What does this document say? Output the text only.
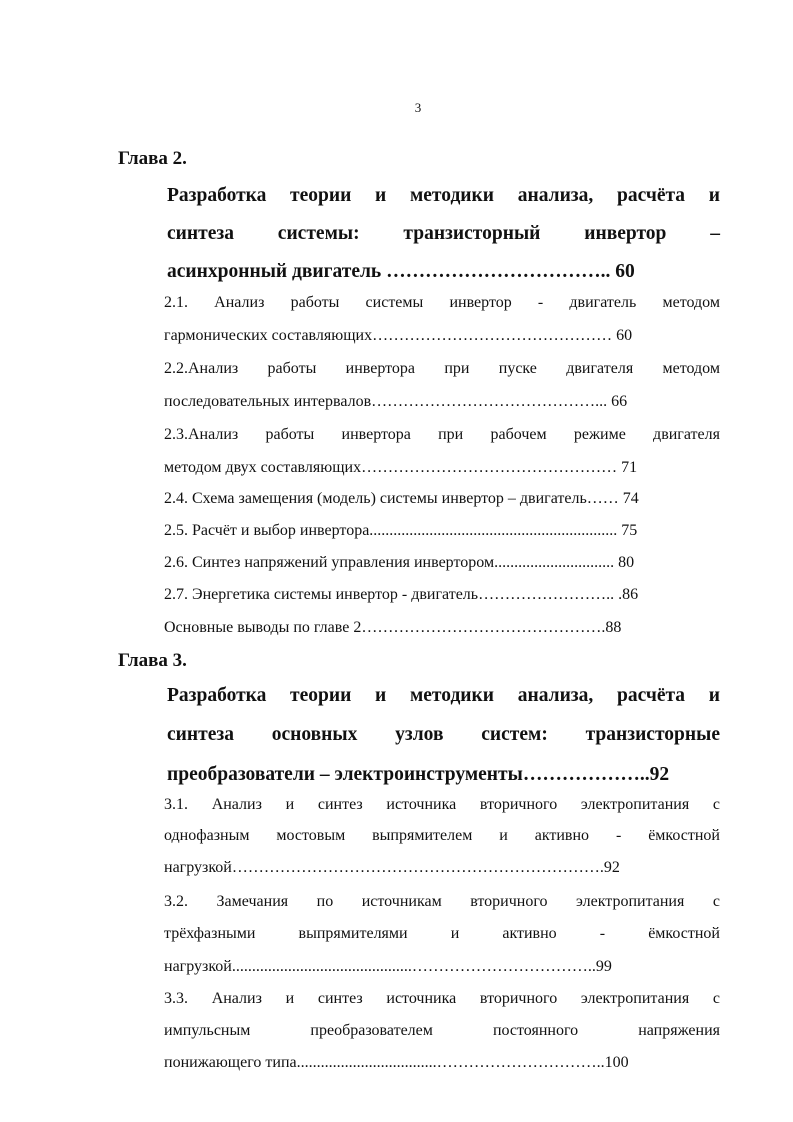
3
Глава 2.
Разработка теории и методики анализа, расчёта и
синтеза системы: транзисторный инвертор –
асинхронный двигатель …………………………….. 60
2.1. Анализ работы системы инвертор - двигатель методом
гармонических составляющих……………………………………… 60
2.2.Анализ работы инвертора при пуске двигателя методом
последовательных интервалов……………………………………... 66
2.3.Анализ работы инвертора при рабочем режиме двигателя
методом двух составляющих………………………………………… 71
2.4. Схема замещения (модель) системы инвертор – двигатель…… 74
2.5. Расчёт и выбор инвертора.............................................................. 75
2.6. Синтез напряжений управления инвертором.............................. 80
2.7. Энергетика системы инвертор - двигатель…………………….. .86
Основные выводы по главе 2……………………………………….88
Глава 3.
Разработка теории и методики анализа, расчёта и
синтеза основных узлов систем: транзисторные
преобразователи – электроинструменты………………..92
3.1. Анализ и синтез источника вторичного электропитания с
однофазным мостовым выпрямителем и активно - ёмкостной
нагрузкой…………………………………………………………….92
3.2. Замечания по источникам вторичного электропитания с
трёхфазными выпрямителями и активно - ёмкостной
нагрузкой.............................................……………………………..99
3.3. Анализ и синтез источника вторичного электропитания с
импульсным преобразователем постоянного напряжения
понижающего типа...................................…………………………..100
